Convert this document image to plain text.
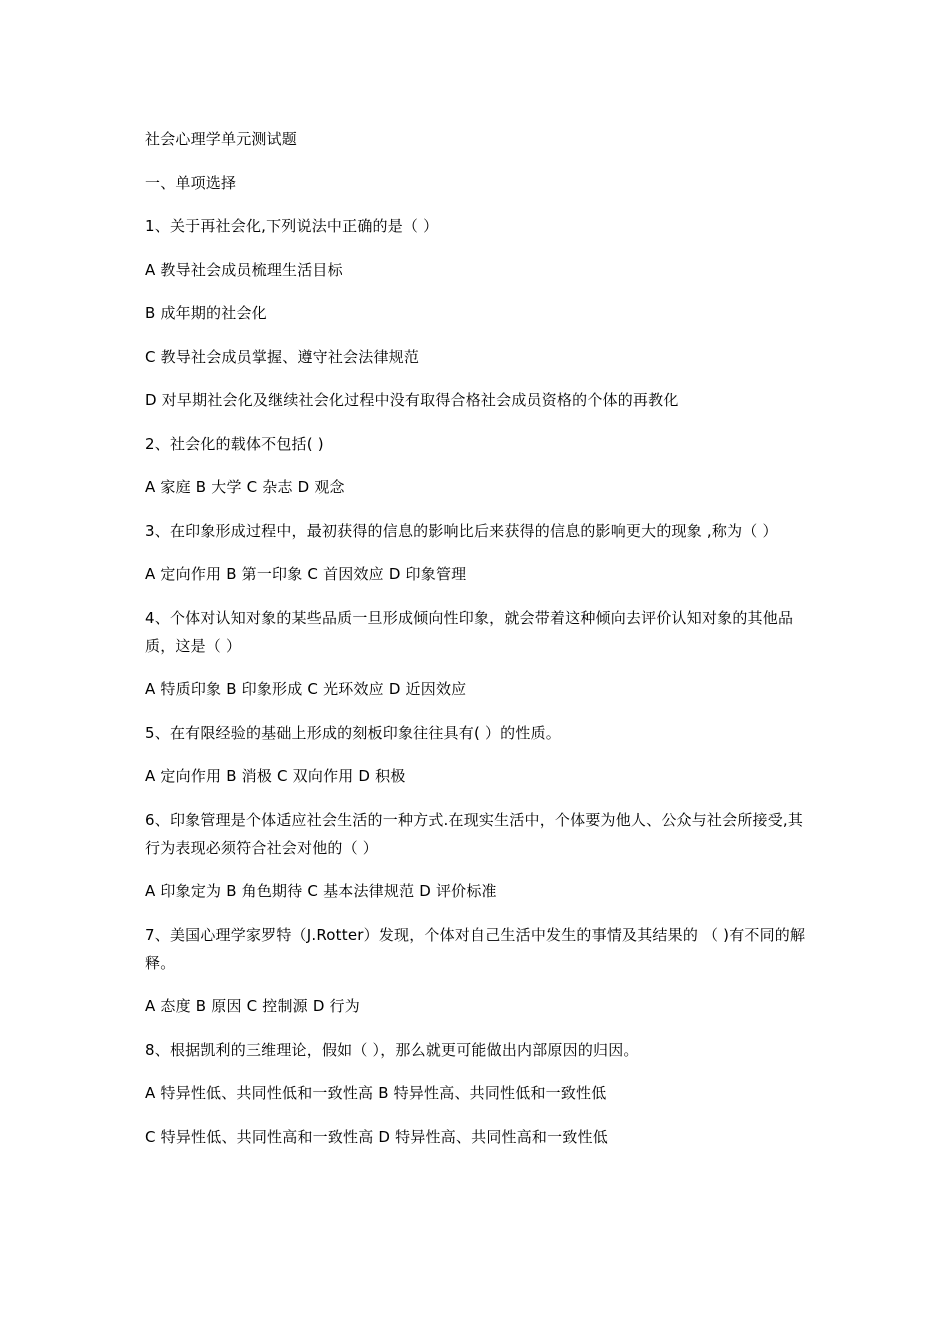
社会心理学单元测试题

一、单项选择

1、关于再社会化,下列说法中正确的是（ ）

A 教导社会成员梳理生活目标

B 成年期的社会化

C 教导社会成员掌握、遵守社会法律规范

D 对早期社会化及继续社会化过程中没有取得合格社会成员资格的个体的再教化

2、社会化的载体不包括( )

A 家庭 B 大学 C 杂志 D 观念

3、在印象形成过程中，最初获得的信息的影响比后来获得的信息的影响更大的现象 ,称为（ ）

A 定向作用 B 第一印象 C 首因效应 D 印象管理

4、个体对认知对象的某些品质一旦形成倾向性印象，就会带着这种倾向去评价认知对象的其他品质，这是（ ）

A 特质印象 B 印象形成 C 光环效应 D 近因效应

5、在有限经验的基础上形成的刻板印象往往具有( ）的性质。

A 定向作用 B 消极 C 双向作用 D 积极

6、印象管理是个体适应社会生活的一种方式.在现实生活中，个体要为他人、公众与社会所接受,其行为表现必须符合社会对他的（ ）

A 印象定为 B 角色期待 C 基本法律规范 D 评价标准

7、美国心理学家罗特（J.Rotter）发现，个体对自己生活中发生的事情及其结果的 （ )有不同的解释。

A 态度 B 原因 C 控制源 D 行为

8、根据凯利的三维理论，假如（ ），那么就更可能做出内部原因的归因。

A 特异性低、共同性低和一致性高 B 特异性高、共同性低和一致性低

C 特异性低、共同性高和一致性高 D 特异性高、共同性高和一致性低
